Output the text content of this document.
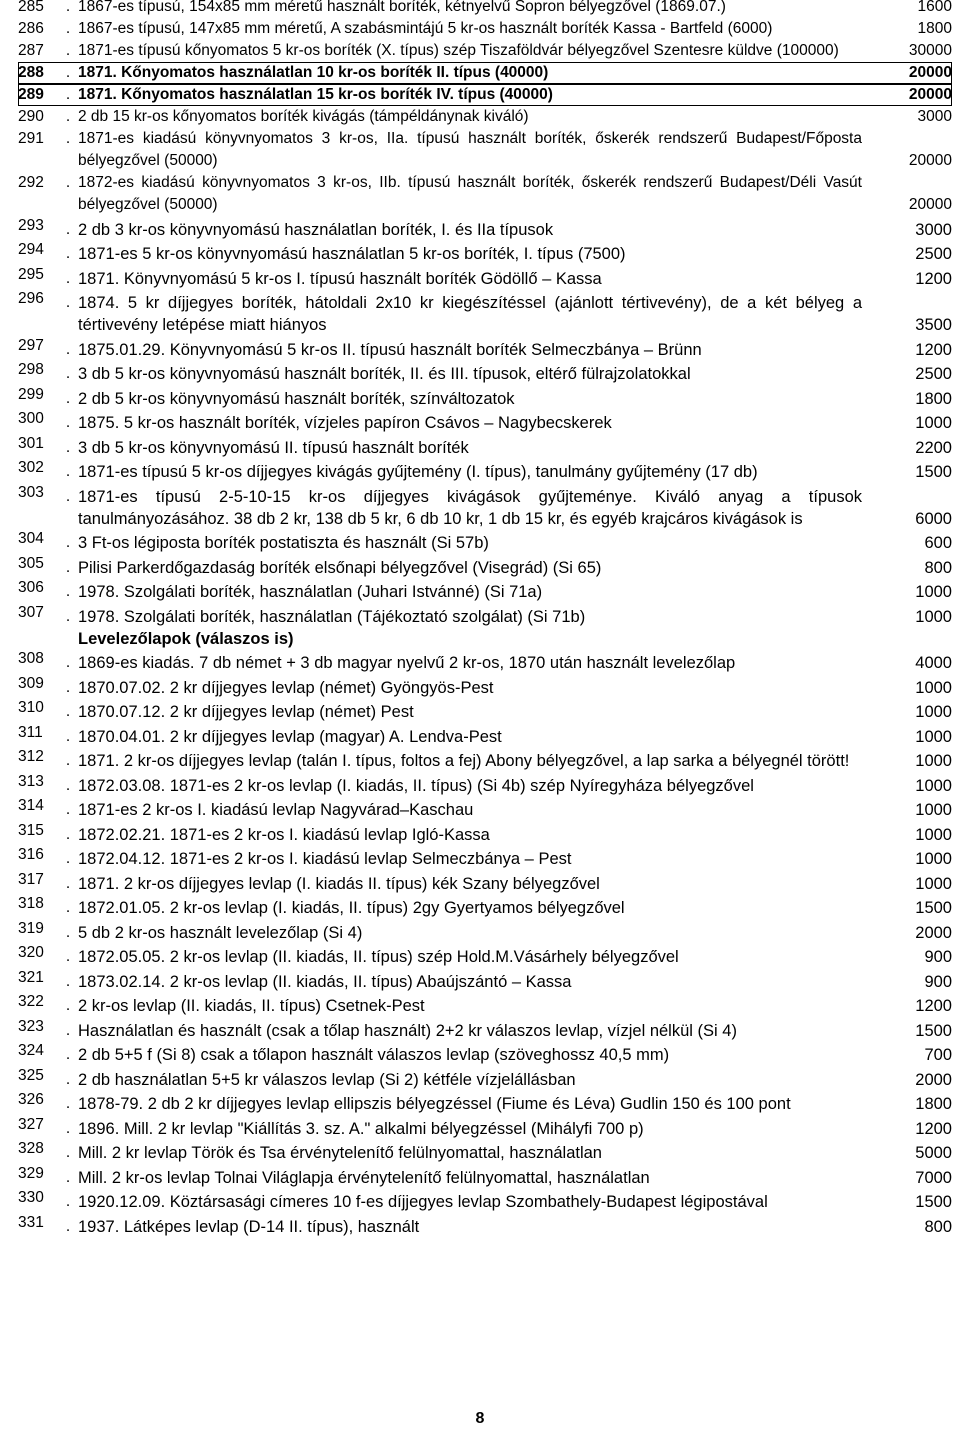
285	. 1867-es típusú, 154x85 mm méretű használt boríték, kétnyelvű Sopron bélyegzővel (1869.07.)	1600
286	. 1867-es típusú, 147x85 mm méretű, A szabásmintájú 5 kr-os használt boríték Kassa - Bartfeld (6000)	1800
287	. 1871-es típusú kőnyomatos 5 kr-os boríték (X. típus) szép Tiszaföldvár bélyegzővel Szentesre küldve (100000)	30000
288	. 1871. Kőnyomatos használatlan 10 kr-os boríték II. típus (40000)	20000
289	. 1871. Kőnyomatos használatlan 15 kr-os boríték IV. típus (40000)	20000
290	. 2 db 15 kr-os kőnyomatos boríték kivágás (támpéldánynak kiváló)	3000
291	. 1871-es kiadású könyvnyomatos 3 kr-os, IIa. típusú használt boríték, őskerék rendszerű Budapest/Főposta bélyegzővel (50000)	20000
292	. 1872-es kiadású könyvnyomatos 3 kr-os, IIb. típusú használt boríték, őskerék rendszerű Budapest/Déli Vasút bélyegzővel (50000)	20000
293	. 2 db 3 kr-os könyvnyomású használatlan boríték, I. és IIa típusok	3000
294	. 1871-es 5 kr-os könyvnyomású használatlan 5 kr-os boríték, I. típus (7500)	2500
295	. 1871. Könyvnyomású 5 kr-os I. típusú használt boríték Gödöllő – Kassa	1200
296	. 1874. 5 kr díjjegyes boríték, hátoldali 2x10 kr kiegészítéssel (ajánlott tértivevény), de a két bélyeg a tértivevény letépése miatt hiányos	3500
297	. 1875.01.29. Könyvnyomású 5 kr-os II. típusú használt boríték Selmeczbánya – Brünn	1200
298	. 3 db 5 kr-os könyvnyomású használt boríték, II. és III. típusok, eltérő fülrajzolatokkal	2500
299	. 2 db 5 kr-os könyvnyomású használt boríték, színváltozatok	1800
300	. 1875. 5 kr-os használt boríték, vízjeles papíron Csávos – Nagybecskerek	1000
301	. 3 db 5 kr-os könyvnyomású II. típusú használt boríték	2200
302	. 1871-es típusú 5 kr-os díjjegyes kivágás gyűjtemény (I. típus), tanulmány gyűjtemény (17 db)	1500
303	. 1871-es típusú 2-5-10-15 kr-os díjjegyes kivágások gyűjteménye. Kiváló anyag a típusok tanulmányozásához. 38 db 2 kr, 138 db 5 kr, 6 db 10 kr, 1 db 15 kr, és egyéb krajcáros kivágások is	6000
304	. 3 Ft-os légiposta boríték postatiszta és használt (Si 57b)	600
305	. Pilisi Parkerdőgazdaság boríték elsőnapi bélyegzővel (Visegrád) (Si 65)	800
306	. 1978. Szolgálati boríték, használatlan (Juhari Istvánné) (Si 71a)	1000
307	. 1978. Szolgálati boríték, használatlan (Tájékoztató szolgálat) (Si 71b)	1000
Levelezőlapok (válaszos is)
308	. 1869-es kiadás. 7 db német + 3 db magyar nyelvű 2 kr-os, 1870 után használt levelezőlap	4000
309	. 1870.07.02. 2 kr díjjegyes levlap (német) Gyöngyös-Pest	1000
310	. 1870.07.12. 2 kr díjjegyes levlap (német) Pest	1000
311	. 1870.04.01. 2 kr díjjegyes levlap (magyar) A. Lendva-Pest	1000
312	. 1871. 2 kr-os díjjegyes levlap (talán I. típus, foltos a fej) Abony bélyegzővel, a lap sarka a bélyegnél törött!	1000
313	. 1872.03.08. 1871-es 2 kr-os levlap (I. kiadás, II. típus) (Si 4b) szép Nyíregyháza bélyegzővel	1000
314	. 1871-es 2 kr-os I. kiadású levlap Nagyvárad–Kaschau	1000
315	. 1872.02.21. 1871-es 2 kr-os I. kiadású levlap Igló-Kassa	1000
316	. 1872.04.12. 1871-es 2 kr-os I. kiadású levlap Selmeczbánya – Pest	1000
317	. 1871. 2 kr-os díjjegyes levlap (I. kiadás II. típus) kék Szany bélyegzővel	1000
318	. 1872.01.05. 2 kr-os levlap (I. kiadás, II. típus) 2gy Gyertyamos bélyegzővel	1500
319	. 5 db 2 kr-os használt levelezőlap (Si 4)	2000
320	. 1872.05.05. 2 kr-os levlap (II. kiadás, II. típus) szép Hold.M.Vásárhely bélyegzővel	900
321	. 1873.02.14. 2 kr-os levlap (II. kiadás, II. típus) Abaújszántó – Kassa	900
322	. 2 kr-os levlap (II. kiadás, II. típus) Csetnek-Pest	1200
323	. Használatlan és használt (csak a tőlap használt) 2+2 kr válaszos levlap, vízjel nélkül (Si 4)	1500
324	. 2 db 5+5 f (Si 8) csak a tőlapon használt válaszos levlap (szöveghossz 40,5 mm)	700
325	. 2 db használatlan 5+5 kr válaszos levlap (Si 2) kétféle vízjelállásban	2000
326	. 1878-79. 2 db 2 kr díjjegyes levlap ellipszis bélyegzéssel (Fiume és Léva) Gudlin 150 és 100 pont	1800
327	. 1896. Mill. 2 kr levlap "Kiállítás 3. sz. A." alkalmi bélyegzéssel (Mihályfi 700 p)	1200
328	. Mill. 2 kr levlap Török és Tsa érvénytelenítő felülnyomattal, használatlan	5000
329	. Mill. 2 kr-os levlap Tolnai Világlapja érvénytelenítő felülnyomattal, használatlan	7000
330	. 1920.12.09. Köztársasági címeres 10 f-es díjjegyes levlap Szombathely-Budapest légipostával	1500
331	. 1937. Látképes levlap (D-14 II. típus), használt	800
8
